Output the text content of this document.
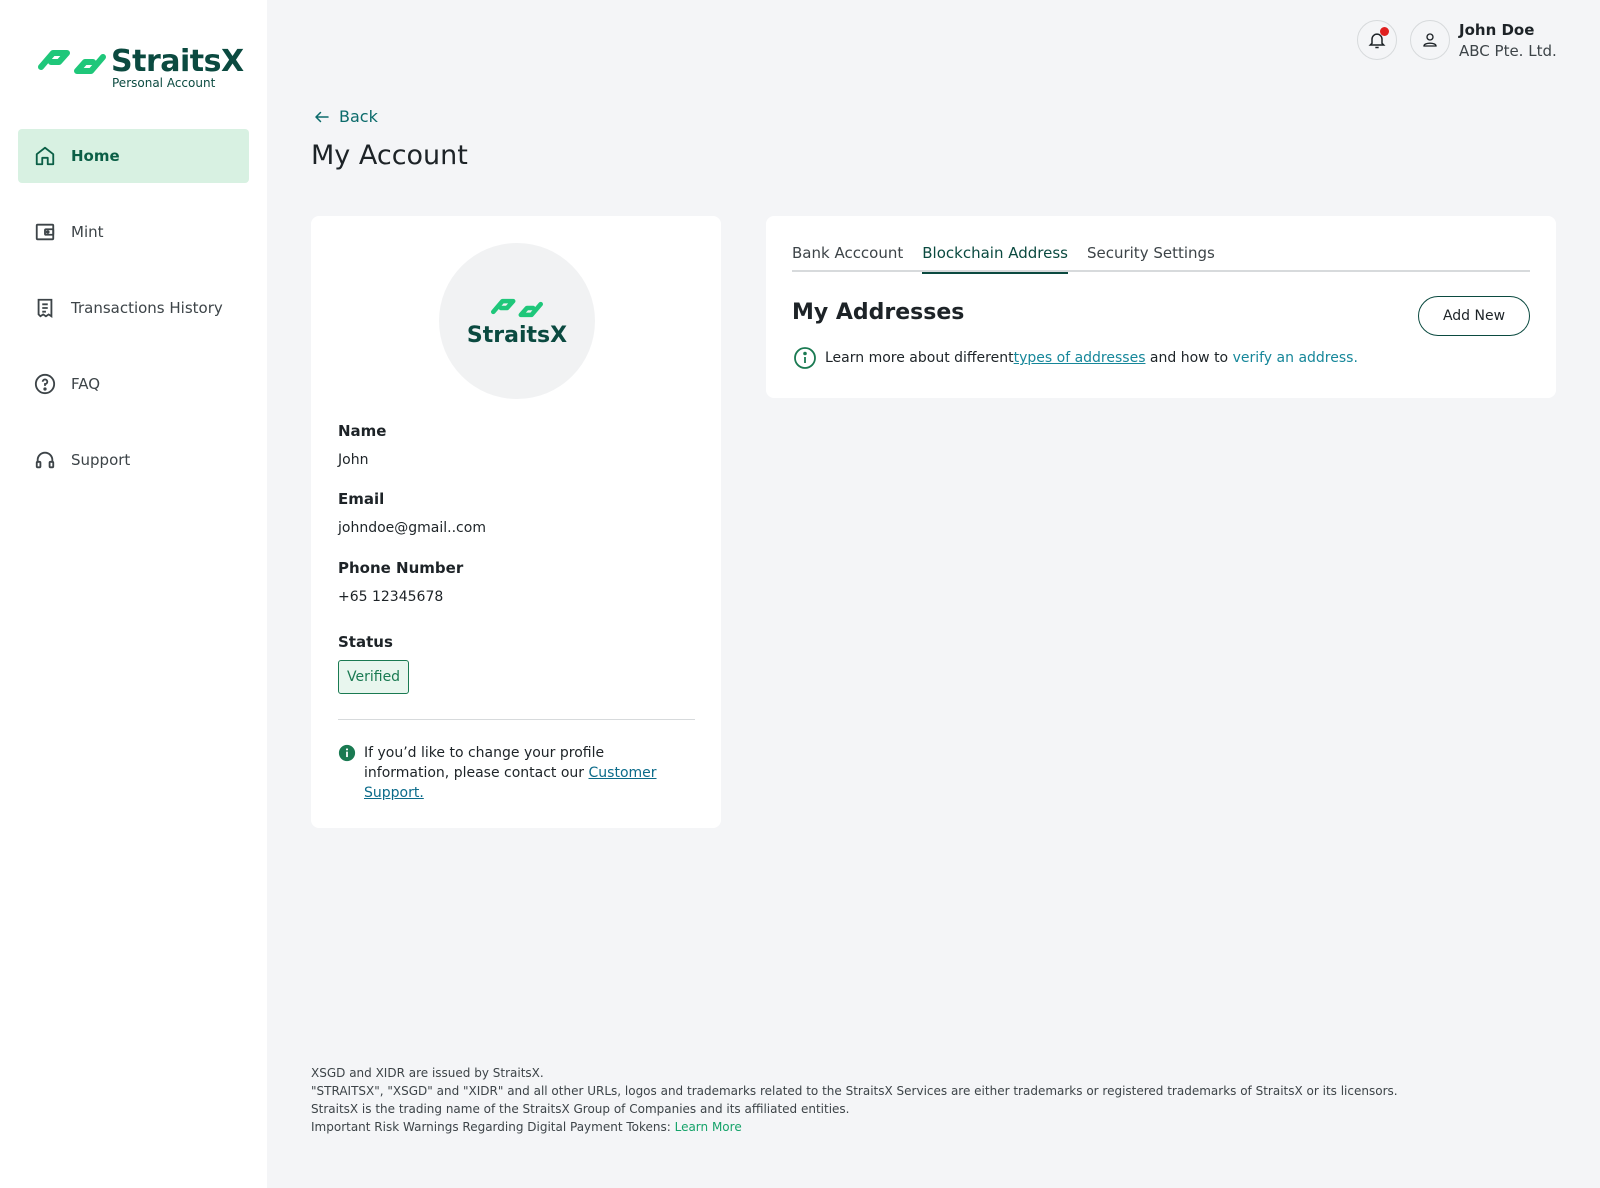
StraitsX
Personal Account
Home
Mint
Transactions History
FAQ
Support
John Doe
ABC Pte. Ltd.
Back
My Account
StraitsX
Name
John
Email
johndoe@gmail..com
Phone Number
+65 12345678
Status
Verified

If you’d like to change your profile information, please contact our Customer Support.

Bank Acccount Blockchain Address Security Settings
My Addresses	Add New
Learn more about different types of addresses and how to verify an address.
XSGD and XIDR are issued by StraitsX.
"STRAITSX", "XSGD" and "XIDR" and all other URLs, logos and trademarks related to the StraitsX Services are either trademarks or registered trademarks of StraitsX or its licensors.
StraitsX is the trading name of the StraitsX Group of Companies and its affiliated entities.
Important Risk Warnings Regarding Digital Payment Tokens: Learn More
